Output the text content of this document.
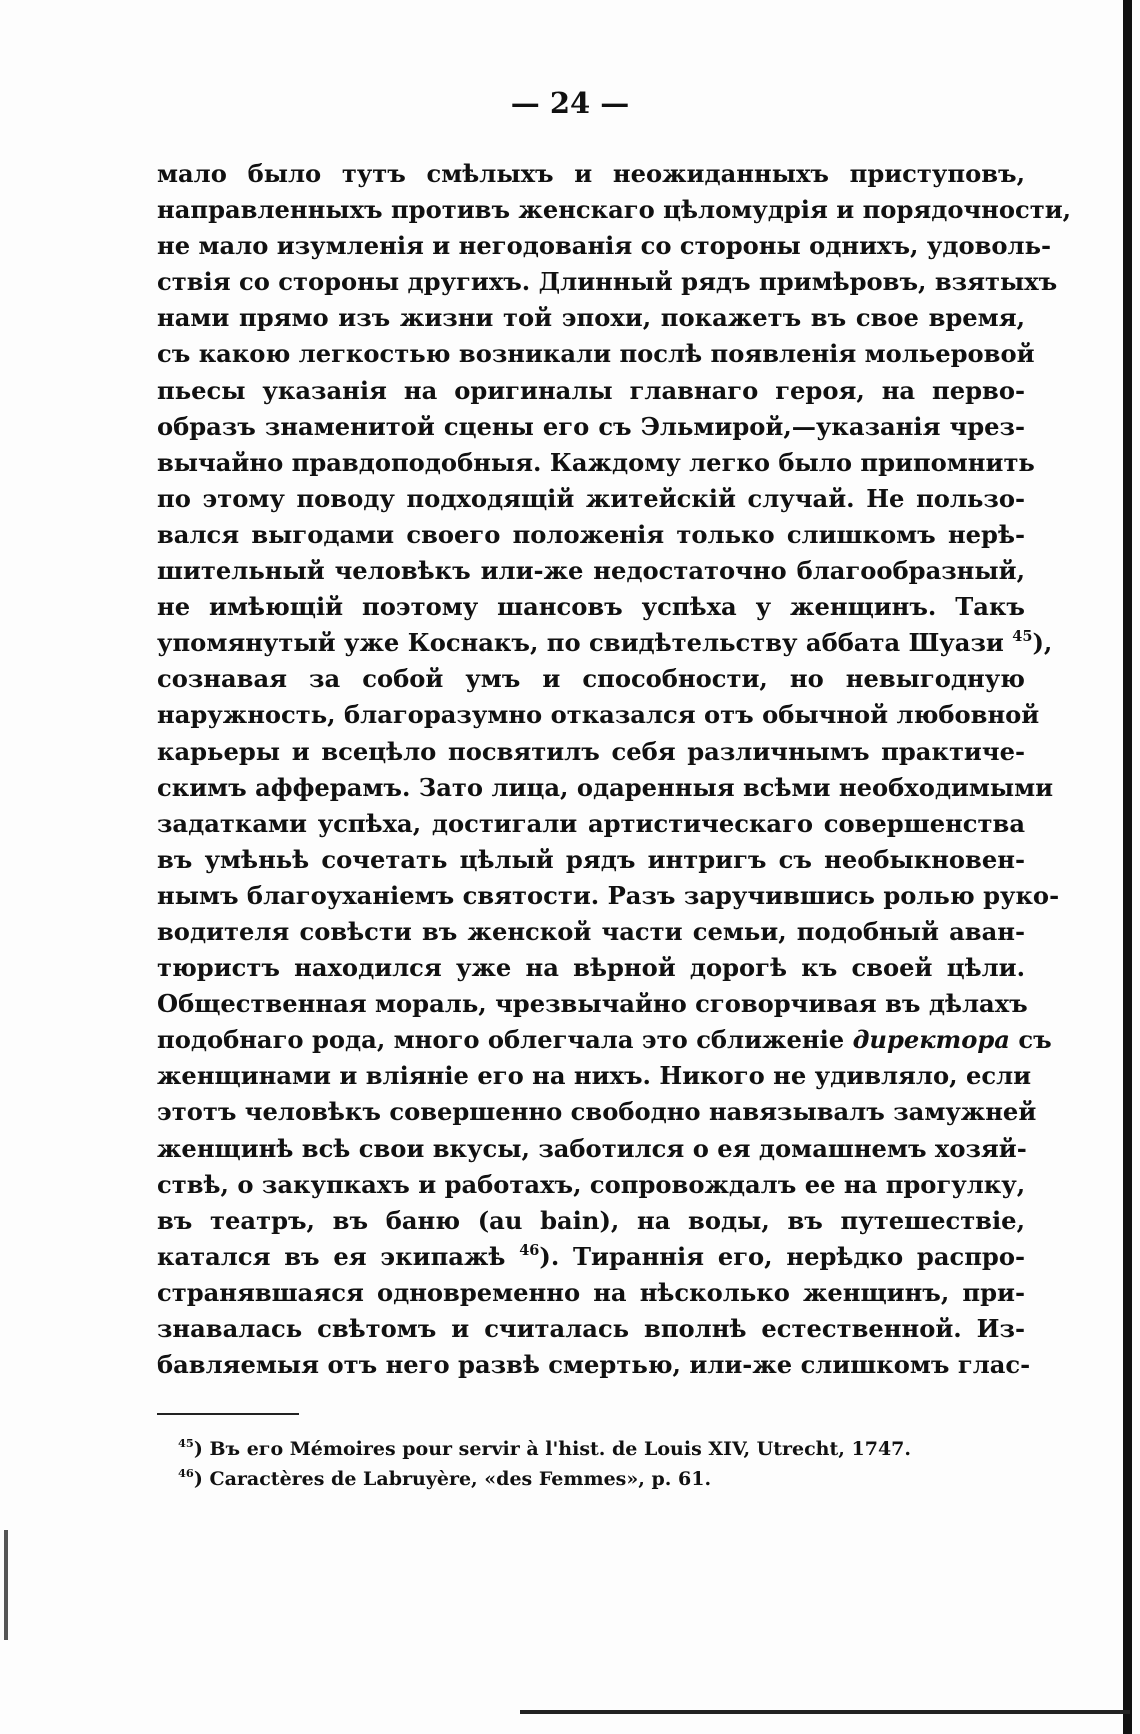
— 24 —
мало было тутъ смѣлыхъ и неожиданныхъ приступовъ,
направленныхъ противъ женскаго цѣломудрія и порядочности,
не мало изумленія и негодованія со стороны однихъ, удоволь-
ствія со стороны другихъ. Длинный рядъ примѣровъ, взятыхъ
нами прямо изъ жизни той эпохи, покажетъ въ свое время,
съ какою легкостью возникали послѣ появленія мольеровой
пьесы указанія на оригиналы главнаго героя, на перво-
образъ знаменитой сцены его съ Эльмирой,—указанія чрез-
вычайно правдоподобныя. Каждому легко было припомнить
по этому поводу подходящій житейскій случай. Не пользо-
вался выгодами своего положенія только слишкомъ нерѣ-
шительный человѣкъ или-же недостаточно благообразный,
не имѣющій поэтому шансовъ успѣха у женщинъ. Такъ
упомянутый уже Коснакъ, по свидѣтельству аббата Шуази $^{45}$),
сознавая за собой умъ и способности, но невыгодную
наружность, благоразумно отказался отъ обычной любовной
карьеры и всецѣло посвятилъ себя различнымъ практиче-
скимъ афферамъ. Зато лица, одаренныя всѣми необходимыми
задатками успѣха, достигали артистическаго совершенства
въ умѣньѣ сочетать цѣлый рядъ интригъ съ необыкновен-
нымъ благоуханіемъ святости. Разъ заручившись ролью руко-
водителя совѣсти въ женской части семьи, подобный аван-
тюристъ находился уже на вѣрной дорогѣ къ своей цѣли.
Общественная мораль, чрезвычайно сговорчивая въ дѣлахъ
подобнаго рода, много облегчала это сближеніе директора съ
женщинами и вліяніе его на нихъ. Никого не удивляло, если
этотъ человѣкъ совершенно свободно навязывалъ замужней
женщинѣ всѣ свои вкусы, заботился о ея домашнемъ хозяй-
ствѣ, о закупкахъ и работахъ, сопровождалъ ее на прогулку,
въ театръ, въ баню (au bain), на воды, въ путешествіе,
катался въ ея экипажѣ $^{46}$). Тираннія его, нерѣдко распро-
странявшаяся одновременно на нѣсколько женщинъ, при-
знавалась свѣтомъ и считалась вполнѣ естественной. Из-
бавляемыя отъ него развѣ смертью, или-же слишкомъ глас-
$^{45}$) Въ его Mémoires pour servir à l'hist. de Louis XIV, Utrecht, 1747.
$^{46}$) Caractères de Labruyère, «des Femmes», p. 61.
